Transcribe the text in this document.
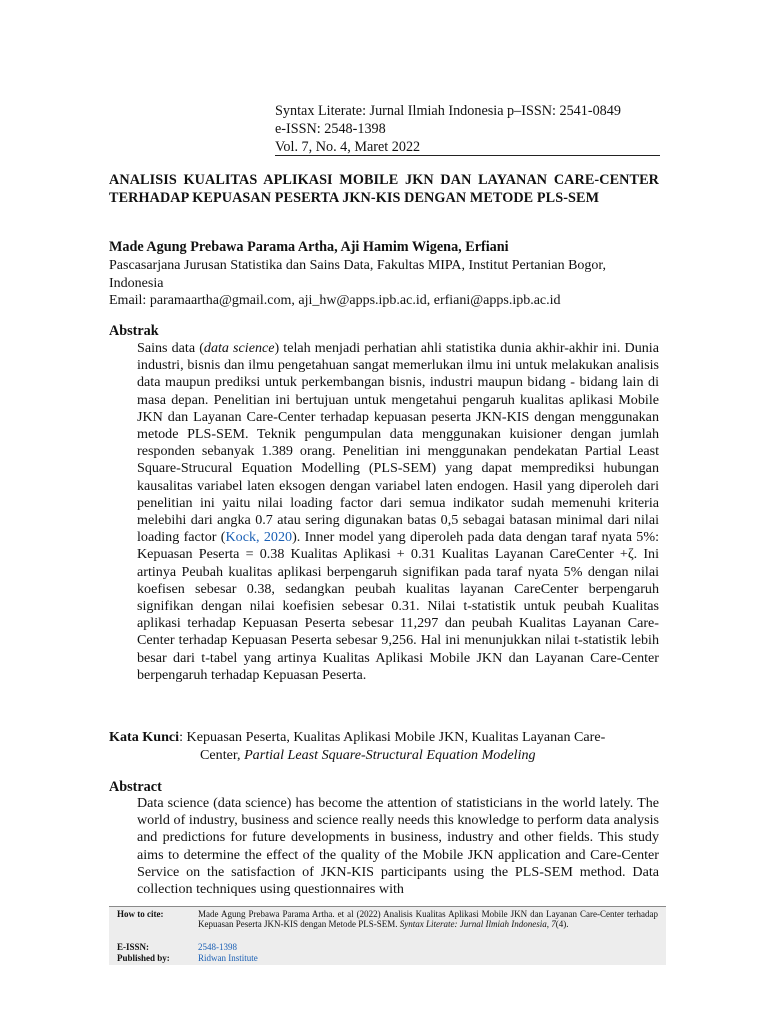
Syntax Literate: Jurnal Ilmiah Indonesia p–ISSN: 2541-0849
e-ISSN: 2548-1398
Vol. 7, No. 4, Maret 2022
ANALISIS KUALITAS APLIKASI MOBILE JKN DAN LAYANAN CARE-CENTER TERHADAP KEPUASAN PESERTA JKN-KIS DENGAN METODE PLS-SEM
Made Agung Prebawa Parama Artha, Aji Hamim Wigena, Erfiani
Pascasarjana Jurusan Statistika dan Sains Data, Fakultas MIPA, Institut Pertanian Bogor,
Indonesia
Email: paramaartha@gmail.com, aji_hw@apps.ipb.ac.id, erfiani@apps.ipb.ac.id
Abstrak

Sains data (data science) telah menjadi perhatian ahli statistika dunia akhir-akhir ini. Dunia industri, bisnis dan ilmu pengetahuan sangat memerlukan ilmu ini untuk melakukan analisis data maupun prediksi untuk perkembangan bisnis, industri maupun bidang - bidang lain di masa depan. Penelitian ini bertujuan untuk mengetahui pengaruh kualitas aplikasi Mobile JKN dan Layanan Care-Center terhadap kepuasan peserta JKN-KIS dengan menggunakan metode PLS-SEM. Teknik pengumpulan data menggunakan kuisioner dengan jumlah responden sebanyak 1.389 orang. Penelitian ini menggunakan pendekatan Partial Least Square-Strucural Equation Modelling (PLS-SEM) yang dapat memprediksi hubungan kausalitas variabel laten eksogen dengan variabel laten endogen. Hasil yang diperoleh dari penelitian ini yaitu nilai loading factor dari semua indikator sudah memenuhi kriteria melebihi dari angka 0.7 atau sering digunakan batas 0,5 sebagai batasan minimal dari nilai loading factor (Kock, 2020). Inner model yang diperoleh pada data dengan taraf nyata 5%: Kepuasan Peserta = 0.38 Kualitas Aplikasi + 0.31 Kualitas Layanan CareCenter +ζ. Ini artinya Peubah kualitas aplikasi berpengaruh signifikan pada taraf nyata 5% dengan nilai koefisen sebesar 0.38, sedangkan peubah kualitas layanan CareCenter berpengaruh signifikan dengan nilai koefisien sebesar 0.31. Nilai t-statistik untuk peubah Kualitas aplikasi terhadap Kepuasan Peserta sebesar 11,297 dan peubah Kualitas Layanan Care-Center terhadap Kepuasan Peserta sebesar 9,256. Hal ini menunjukkan nilai t-statistik lebih besar dari t-tabel yang artinya Kualitas Aplikasi Mobile JKN dan Layanan Care-Center berpengaruh terhadap Kepuasan Peserta.

Kata Kunci: Kepuasan Peserta, Kualitas Aplikasi Mobile JKN, Kualitas Layanan Care-
Center, Partial Least Square-Structural Equation Modeling
Abstract

Data science (data science) has become the attention of statisticians in the world lately. The world of industry, business and science really needs this knowledge to perform data analysis and predictions for future developments in business, industry and other fields. This study aims to determine the effect of the quality of the Mobile JKN application and Care-Center Service on the satisfaction of JKN-KIS participants using the PLS-SEM method. Data collection techniques using questionnaires with

How to cite:	Made Agung Prebawa Parama Artha. et al (2022) Analisis Kualitas Aplikasi Mobile JKN dan Layanan Care-Center terhadap Kepuasan Peserta JKN-KIS dengan Metode PLS-SEM. Syntax Literate: Jurnal Ilmiah Indonesia, 7(4).
E-ISSN:	2548-1398
Published by:	Ridwan Institute
